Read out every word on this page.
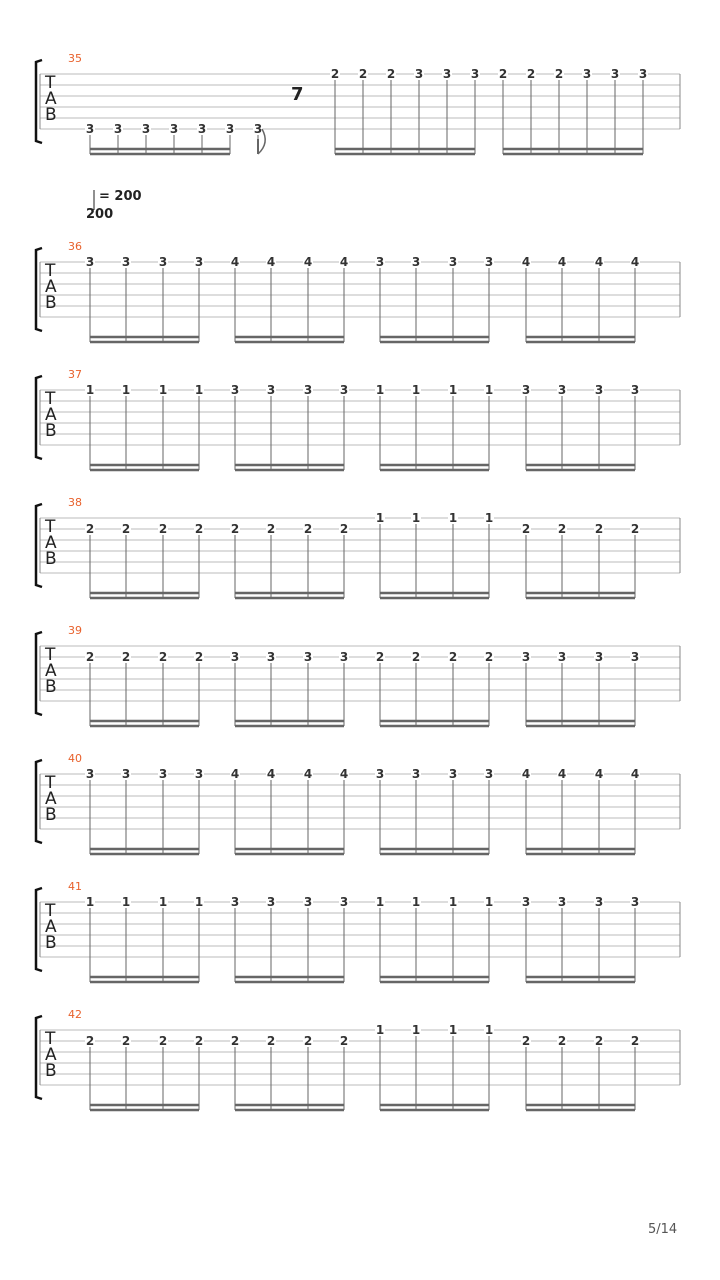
T
A
B
35
3 3 3 3 3 3 3
2 2 2 3 3 3 2 2 2 3 3 3
7
T
A
B
36
3 3 3 3 4 4 4 4 3 3 3 3 4 4 4 4
T
A
B
37
1 1 1 1 3 3 3 3 1 1 1 1 3 3 3 3
T
A
B
38
2 2 2 2 2 2 2 2
1 1 1 1
2 2 2 2
T
A
B
39
2 2 2 2 3 3 3 3 2 2 2 2 3 3 3 3
T
A
B
40
3 3 3 3 4 4 4 4 3 3 3 3 4 4 4 4
T
A
B
41
1 1 1 1 3 3 3 3 1 1 1 1 3 3 3 3
T
A
B
42
2 2 2 2 2 2 2 2
1 1 1 1
2 2 2 2
= 200
200
5/14
